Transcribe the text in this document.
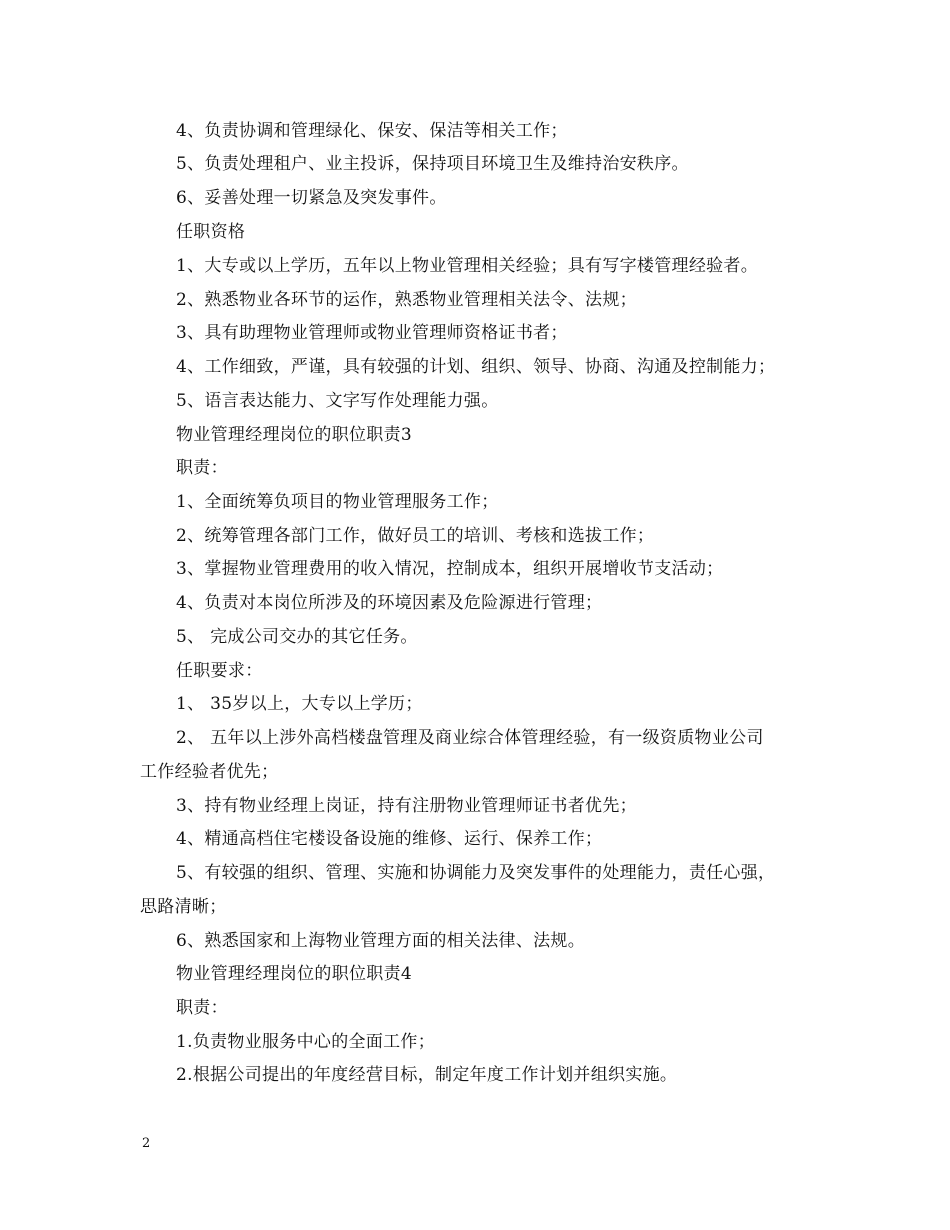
4、负责协调和管理绿化、保安、保洁等相关工作；
5、负责处理租户、业主投诉，保持项目环境卫生及维持治安秩序。
6、妥善处理一切紧急及突发事件。
任职资格
1、大专或以上学历，五年以上物业管理相关经验；具有写字楼管理经验者。
2、熟悉物业各环节的运作，熟悉物业管理相关法令、法规；
3、具有助理物业管理师或物业管理师资格证书者；
4、工作细致，严谨，具有较强的计划、组织、领导、协商、沟通及控制能力；
5、语言表达能力、文字写作处理能力强。
物业管理经理岗位的职位职责3
职责：
1、全面统筹负项目的物业管理服务工作；
2、统筹管理各部门工作，做好员工的培训、考核和选拔工作；
3、掌握物业管理费用的收入情况，控制成本，组织开展增收节支活动；
4、负责对本岗位所涉及的环境因素及危险源进行管理；
5、 完成公司交办的其它任务。
任职要求：
1、 35岁以上，大专以上学历；
2、 五年以上涉外高档楼盘管理及商业综合体管理经验，有一级资质物业公司
工作经验者优先；
3、持有物业经理上岗证，持有注册物业管理师证书者优先；
4、精通高档住宅楼设备设施的维修、运行、保养工作；
5、有较强的组织、管理、实施和协调能力及突发事件的处理能力，责任心强，
思路清晰；
6、熟悉国家和上海物业管理方面的相关法律、法规。
物业管理经理岗位的职位职责4
职责：
1.负责物业服务中心的全面工作；
2.根据公司提出的年度经营目标，制定年度工作计划并组织实施。
2
